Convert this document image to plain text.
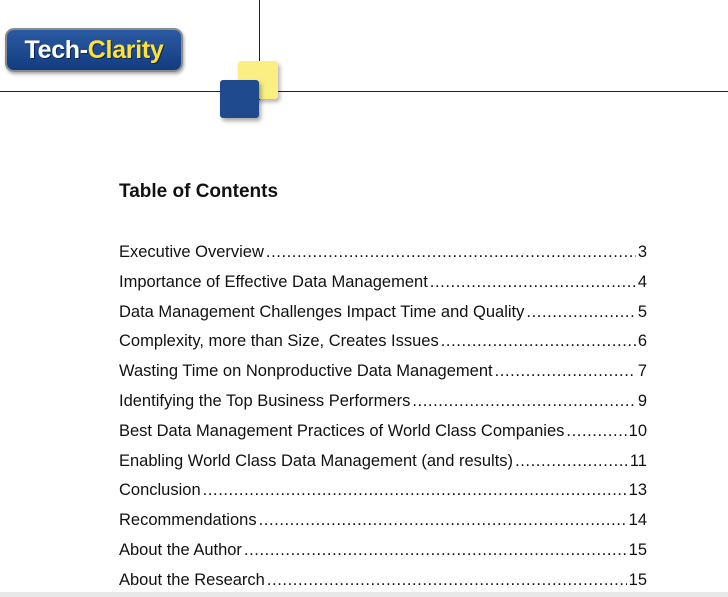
Tech-Clarity
Table of Contents
Executive Overview .....	3
Importance of Effective Data Management .....	4
Data Management Challenges Impact Time and Quality .....	5
Complexity, more than Size, Creates Issues .....	6
Wasting Time on Nonproductive Data Management .....	7
Identifying the Top Business Performers .....	9
Best Data Management Practices of World Class Companies .....	10
Enabling World Class Data Management (and results) .....	11
Conclusion .....	13
Recommendations .....	14
About the Author .....	15
About the Research .....	15
